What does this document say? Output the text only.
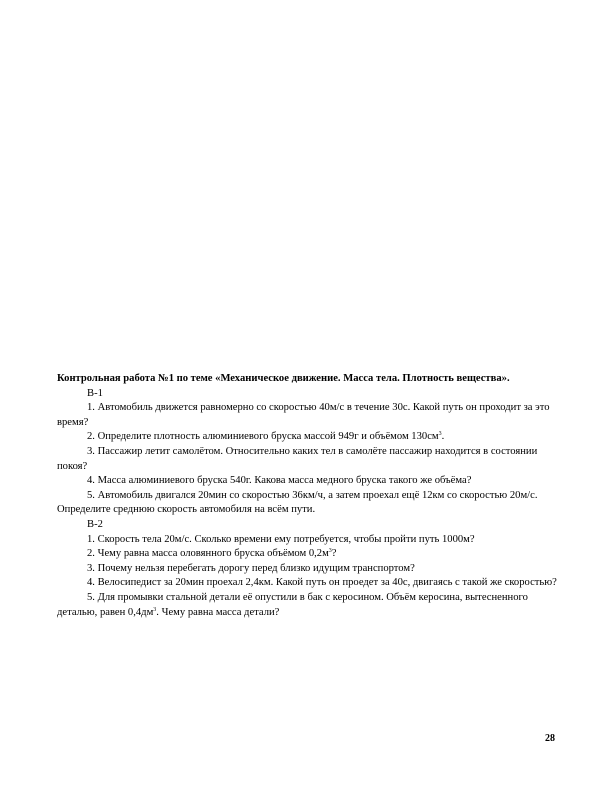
Контрольная работа №1 по теме «Механическое движение. Масса тела. Плотность вещества».

В-1

1. Автомобиль движется равномерно со скоростью 40м/с в течение 30с. Какой путь он проходит за это время?

2. Определите плотность алюминиевого бруска массой 949г и объёмом $130см^3$.

3. Пассажир летит самолётом. Относительно каких тел в самолёте пассажир находится в состоянии покоя?

4. Масса алюминиевого бруска 540г. Какова масса медного бруска такого же объёма?

5. Автомобиль двигался 20мин со скоростью 36км/ч, а затем проехал ещё 12км со скоростью 20м/с. Определите среднюю скорость автомобиля на всём пути.

В-2

1. Скорость тела 20м/с. Сколько времени ему потребуется, чтобы пройти путь 1000м?

2. Чему равна масса оловянного бруска объёмом $0,2м^3$?

3. Почему нельзя перебегать дорогу перед близко идущим транспортом?

4. Велосипедист за 20мин проехал 2,4км. Какой путь он проедет за 40с, двигаясь с такой же скоростью?

5. Для промывки стальной детали её опустили в бак с керосином. Объём керосина, вытесненного деталью, равен $0,4дм^3$. Чему равна масса детали?

28
